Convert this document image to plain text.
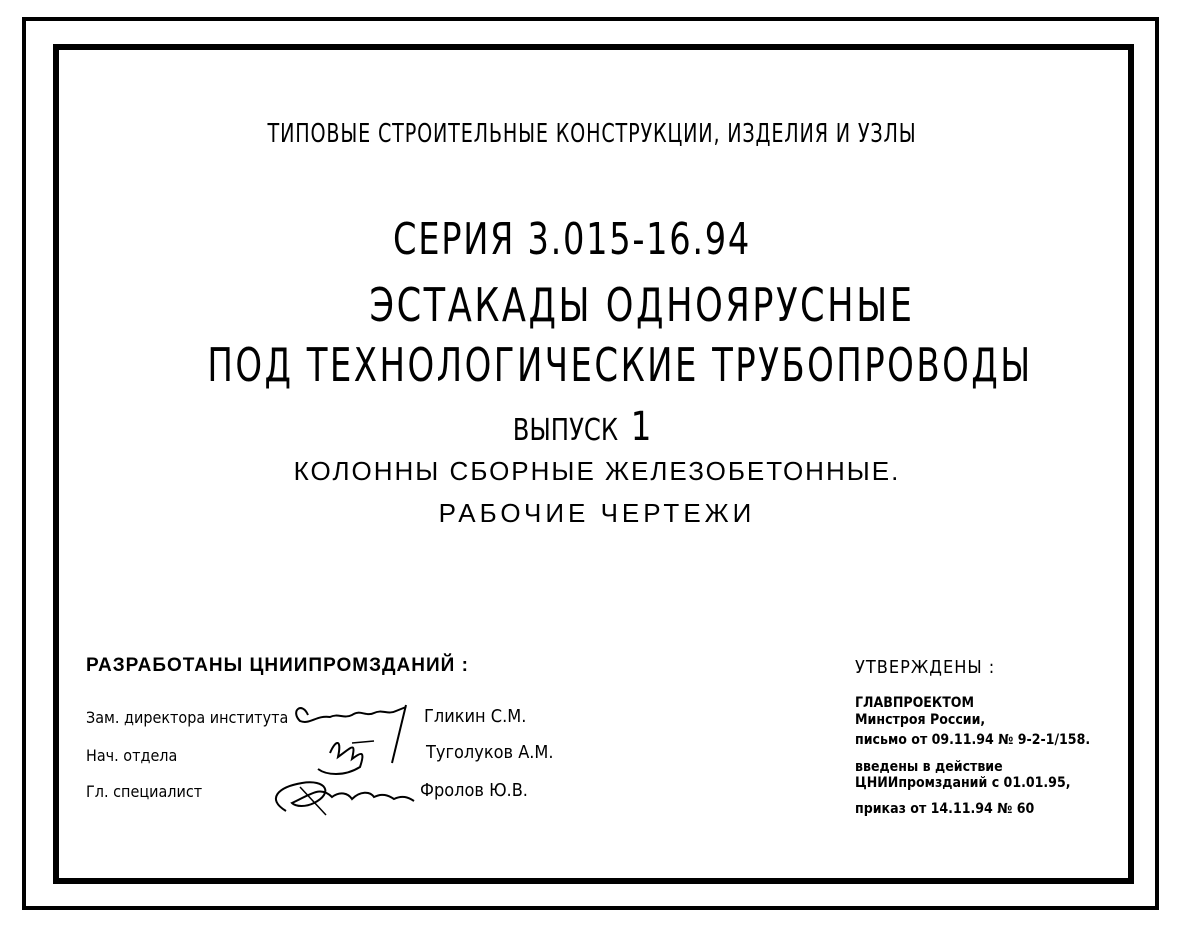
ТИПОВЫЕ СТРОИТЕЛЬНЫЕ КОНСТРУКЦИИ, ИЗДЕЛИЯ И УЗЛЫ
СЕРИЯ 3.015-16.94
ЭСТАКАДЫ ОДНОЯРУСНЫЕ
ПОД ТЕХНОЛОГИЧЕСКИЕ ТРУБОПРОВОДЫ
ВЫПУСК 1
КОЛОННЫ СБОРНЫЕ ЖЕЛЕЗОБЕТОННЫЕ.
РАБОЧИЕ ЧЕРТЕЖИ
РАЗРАБОТАНЫ ЦНИИПРОМЗДАНИЙ :
Зам. директора института	Гликин С.М.
Нач. отдела	Туголуков А.М.
Гл. специалист	Фролов Ю.В.
УТВЕРЖДЕНЫ :
ГЛАВПРОЕКТОМ
Минстроя России,
письмо от 09.11.94 № 9-2-1/158.
введены в действие
ЦНИИпромзданий с 01.01.95,
приказ от 14.11.94 № 60
